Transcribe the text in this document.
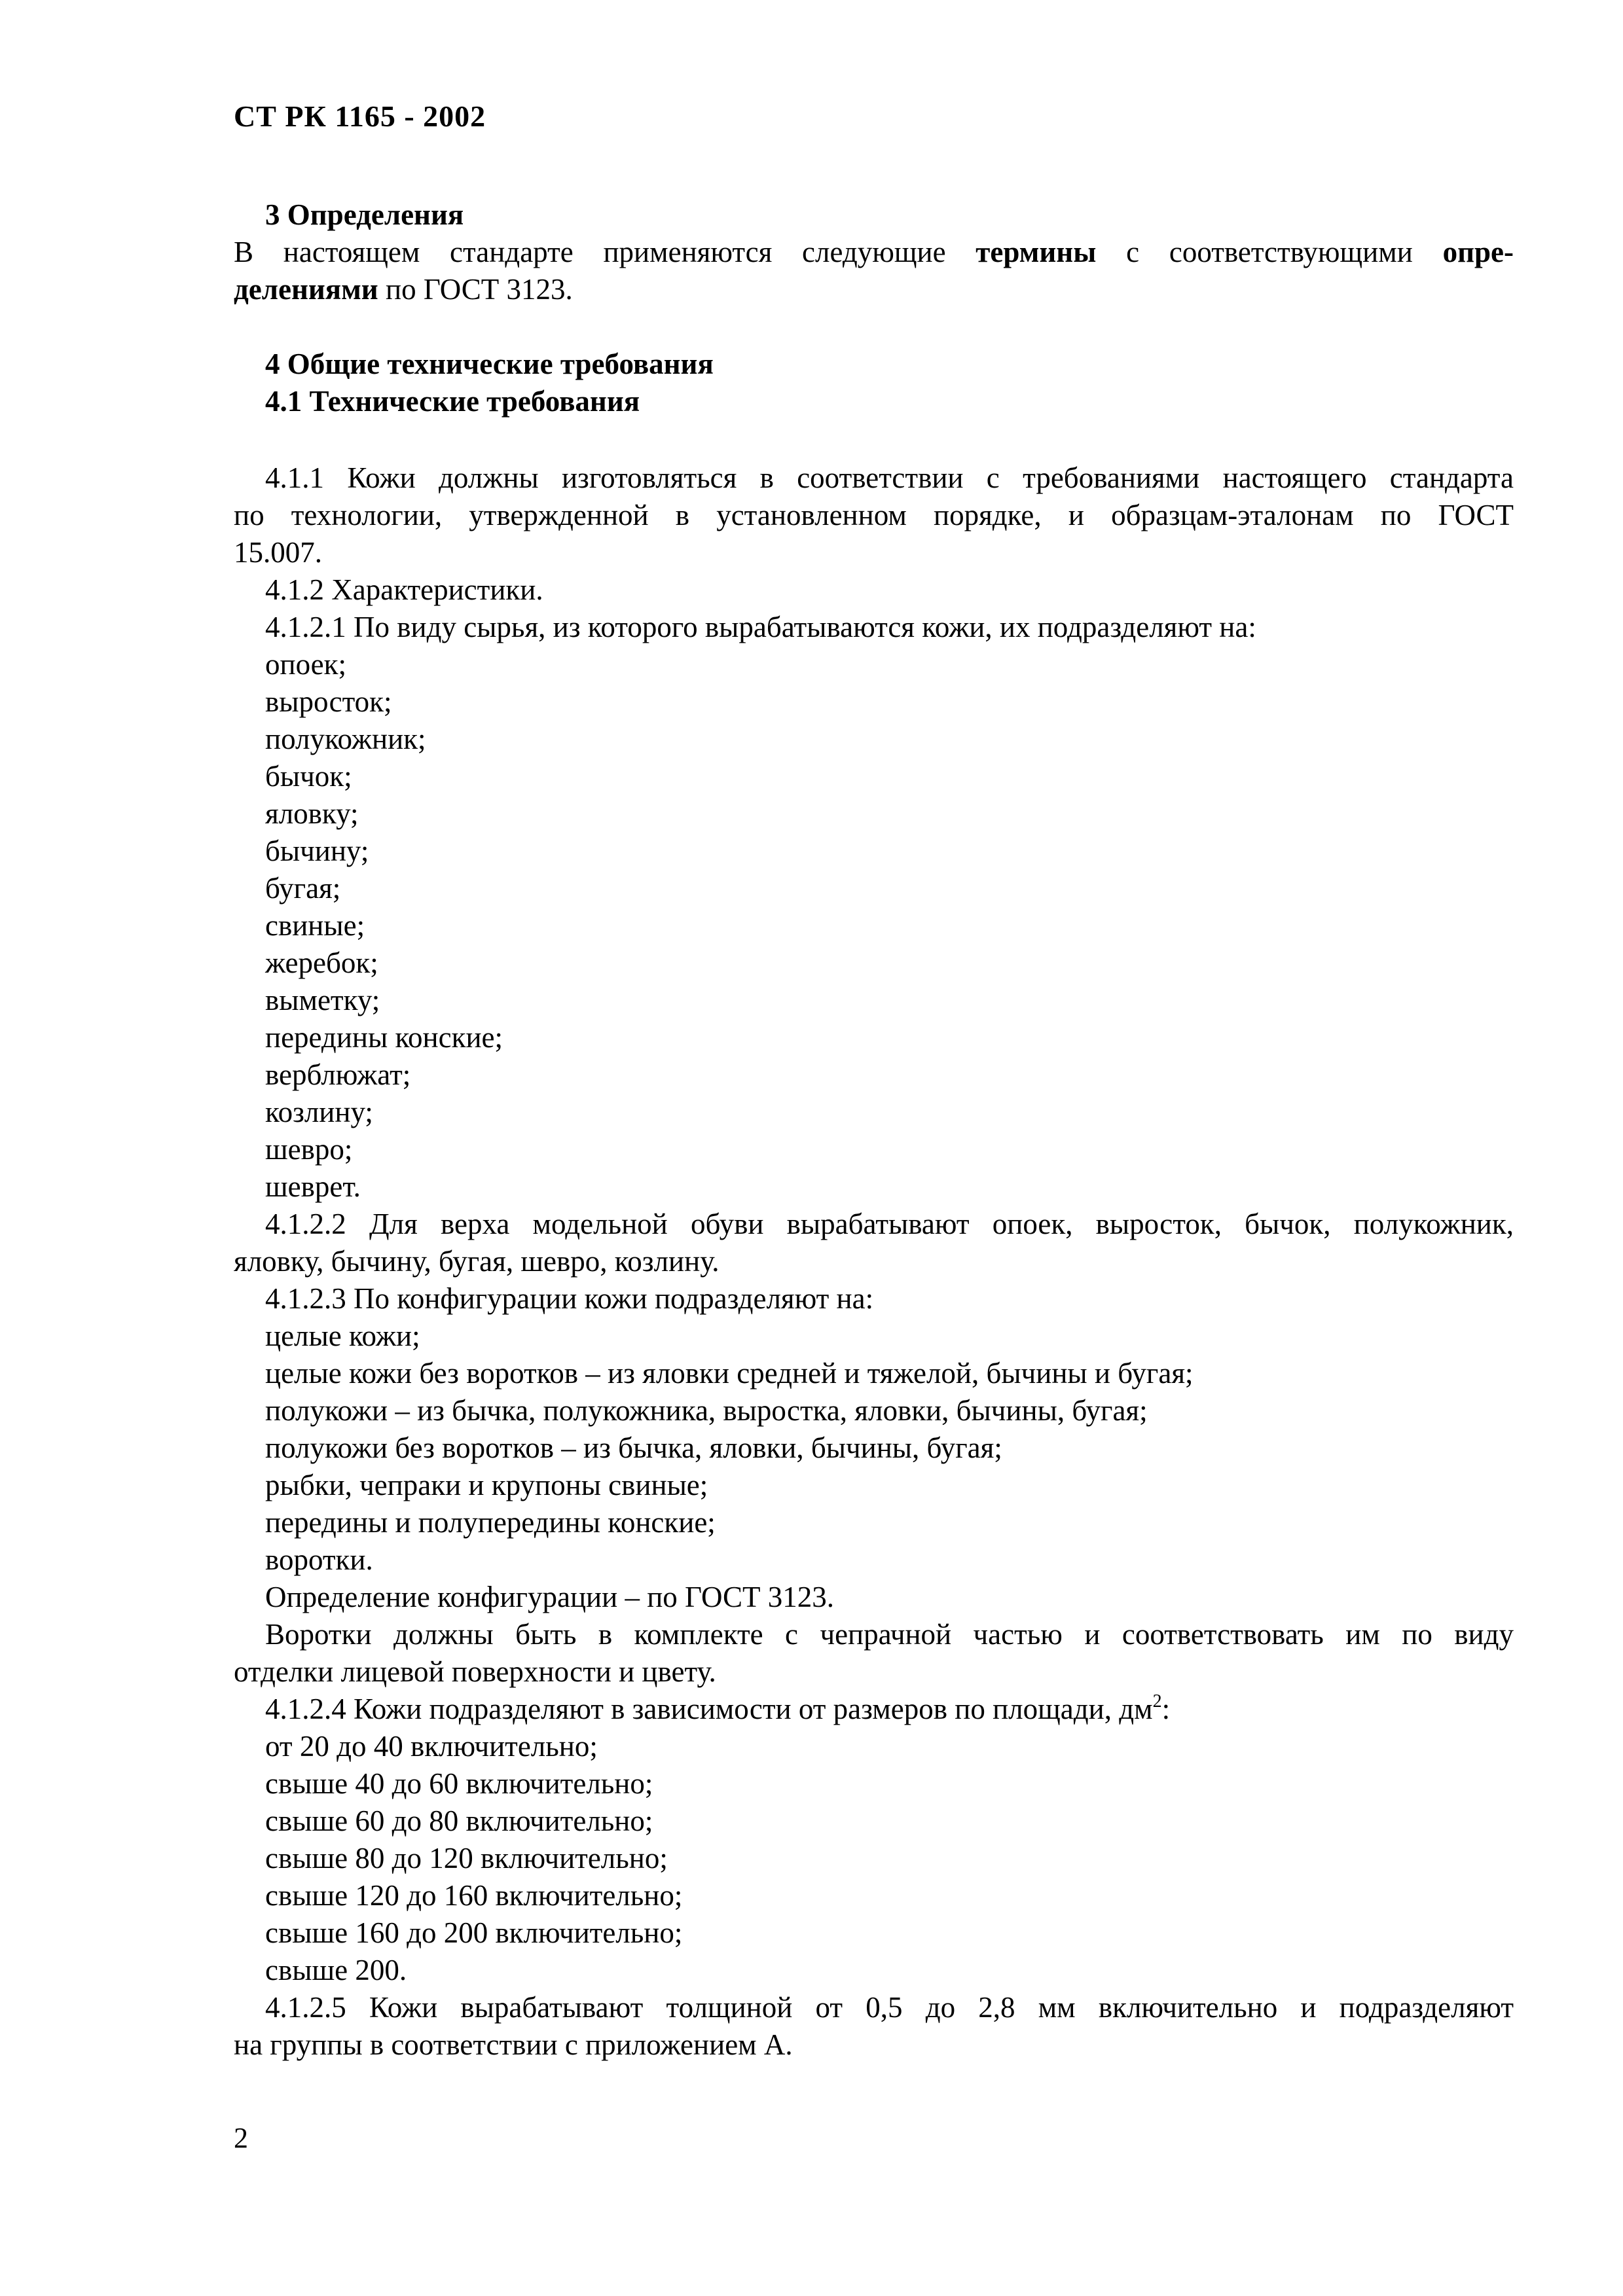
СТ РК 1165 - 2002
3 Определения
В настоящем стандарте применяются следующие термины с соответствующими опре-
делениями по ГОСТ 3123.
4 Общие технические требования
4.1 Технические требования
4.1.1 Кожи должны изготовляться в соответствии с требованиями настоящего стандарта
по технологии, утвержденной в установленном порядке, и образцам-эталонам по ГОСТ
15.007.
4.1.2 Характеристики.
4.1.2.1 По виду сырья, из которого вырабатываются кожи, их подразделяют на:
опоек;
выросток;
полукожник;
бычок;
яловку;
бычину;
бугая;
свиные;
жеребок;
выметку;
передины конские;
верблюжат;
козлину;
шевро;
шеврет.
4.1.2.2 Для верха модельной обуви вырабатывают опоек, выросток, бычок, полукожник,
яловку, бычину, бугая, шевро, козлину.
4.1.2.3 По конфигурации кожи подразделяют на:
целые кожи;
целые кожи без воротков – из яловки средней и тяжелой, бычины и бугая;
полукожи – из бычка, полукожника, выростка, яловки, бычины, бугая;
полукожи без воротков – из бычка, яловки, бычины, бугая;
рыбки, чепраки и крупоны свиные;
передины и полупередины конские;
воротки.
Определение конфигурации – по ГОСТ 3123.
Воротки должны быть в комплекте с чепрачной частью и соответствовать им по виду
отделки лицевой поверхности и цвету.
4.1.2.4 Кожи подразделяют в зависимости от размеров по площади, $дм^2$:
от 20 до 40 включительно;
свыше 40 до 60 включительно;
свыше 60 до 80 включительно;
свыше 80 до 120 включительно;
свыше 120 до 160 включительно;
свыше 160 до 200 включительно;
свыше 200.
4.1.2.5 Кожи вырабатывают толщиной от 0,5 до 2,8 мм включительно и подразделяют
на группы в соответствии с приложением А.
2
